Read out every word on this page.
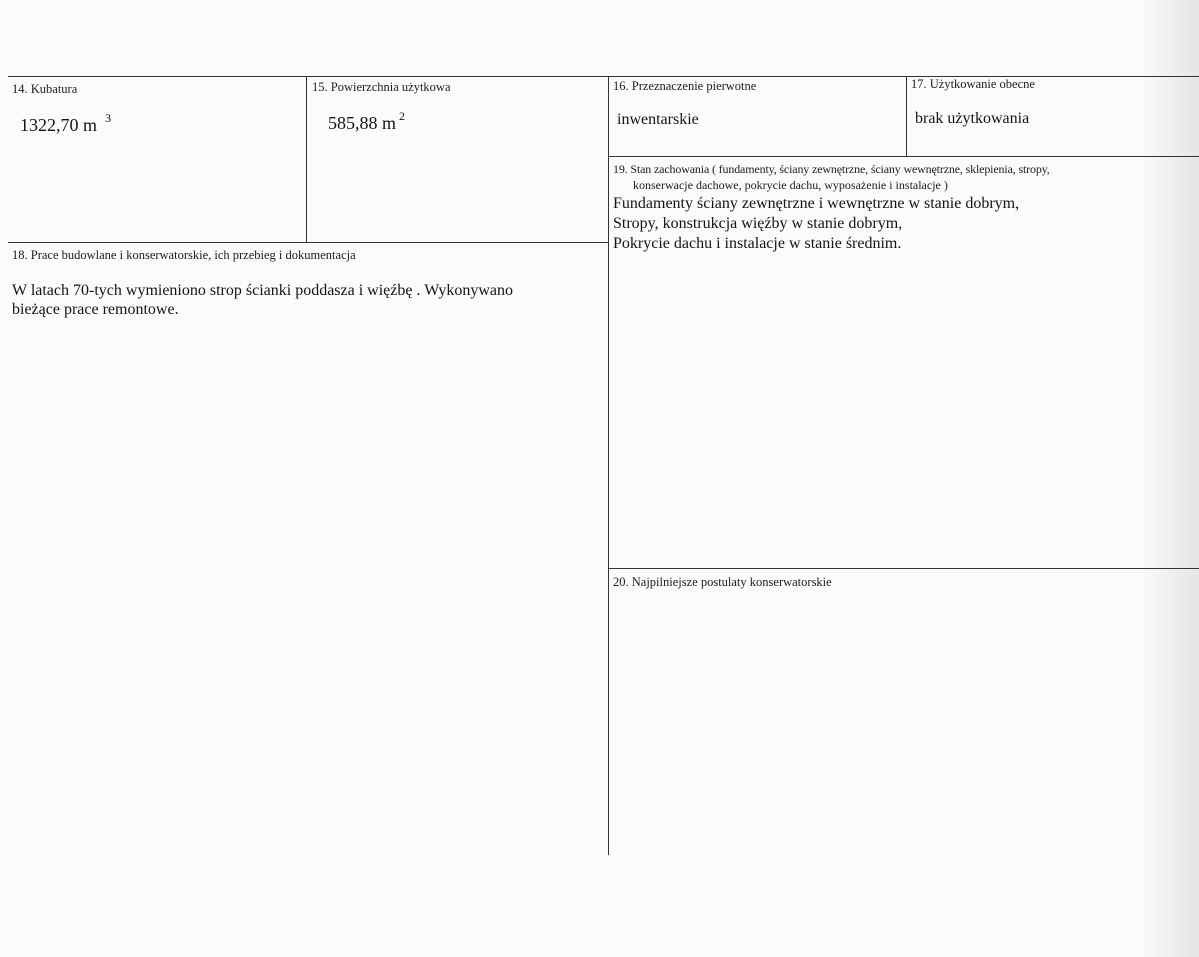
14. Kubatura
1322,70 m $^3$
15. Powierzchnia użytkowa
585,88 m $^2$
16. Przeznaczenie pierwotne
inwentarskie
17. Użytkowanie obecne
brak użytkowania
19. Stan zachowania ( fundamenty, ściany zewnętrzne, ściany wewnętrzne, sklepienia, stropy,
konserwacje dachowe, pokrycie dachu, wyposażenie i instalacje )
Fundamenty ściany zewnętrzne i wewnętrzne w stanie dobrym,
Stropy, konstrukcja więźby w stanie dobrym,
Pokrycie dachu i instalacje w stanie średnim.
18. Prace budowlane i konserwatorskie, ich przebieg i dokumentacja
W latach 70-tych wymieniono strop ścianki poddasza i więźbę . Wykonywano
bieżące prace remontowe.
20. Najpilniejsze postulaty konserwatorskie
